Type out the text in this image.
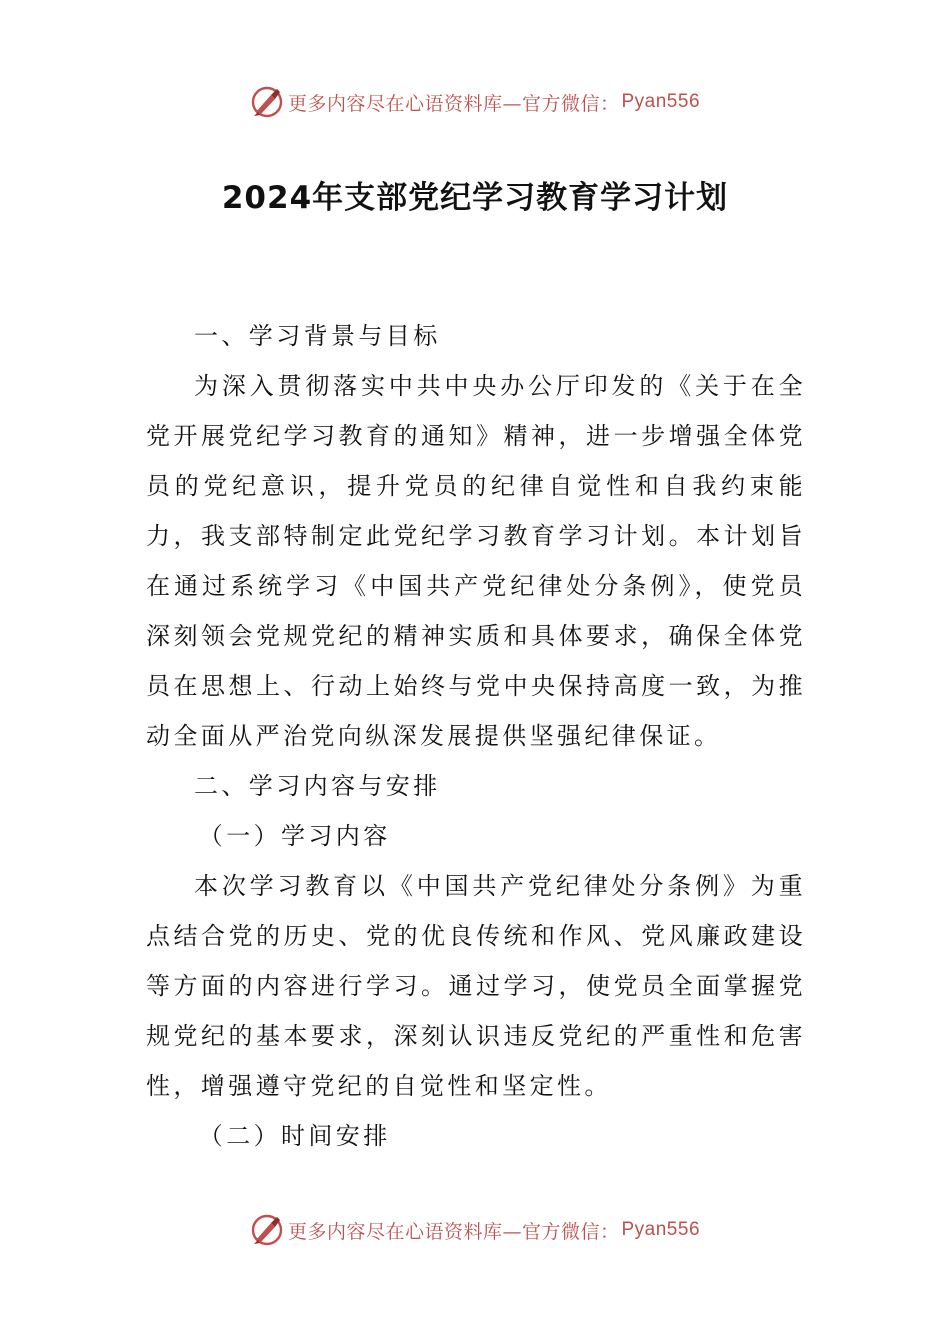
更多内容尽在心语资料库—官方微信： Pyan556
2024年支部党纪学习教育学习计划

一、学习背景与目标

为深入贯彻落实中共中央办公厅印发的《关于在全党开展党纪学习教育的通知》精神，进一步增强全体党员的党纪意识，提升党员的纪律自觉性和自我约束能力，我支部特制定此党纪学习教育学习计划。本计划旨在通过系统学习《中国共产党纪律处分条例》，使党员深刻领会党规党纪的精神实质和具体要求，确保全体党员在思想上、行动上始终与党中央保持高度一致，为推动全面从严治党向纵深发展提供坚强纪律保证。

二、学习内容与安排

（一）学习内容

本次学习教育以《中国共产党纪律处分条例》为重点结合党的历史、党的优良传统和作风、党风廉政建设等方面的内容进行学习。通过学习，使党员全面掌握党规党纪的基本要求，深刻认识违反党纪的严重性和危害性，增强遵守党纪的自觉性和坚定性。

（二）时间安排

更多内容尽在心语资料库—官方微信： Pyan556
